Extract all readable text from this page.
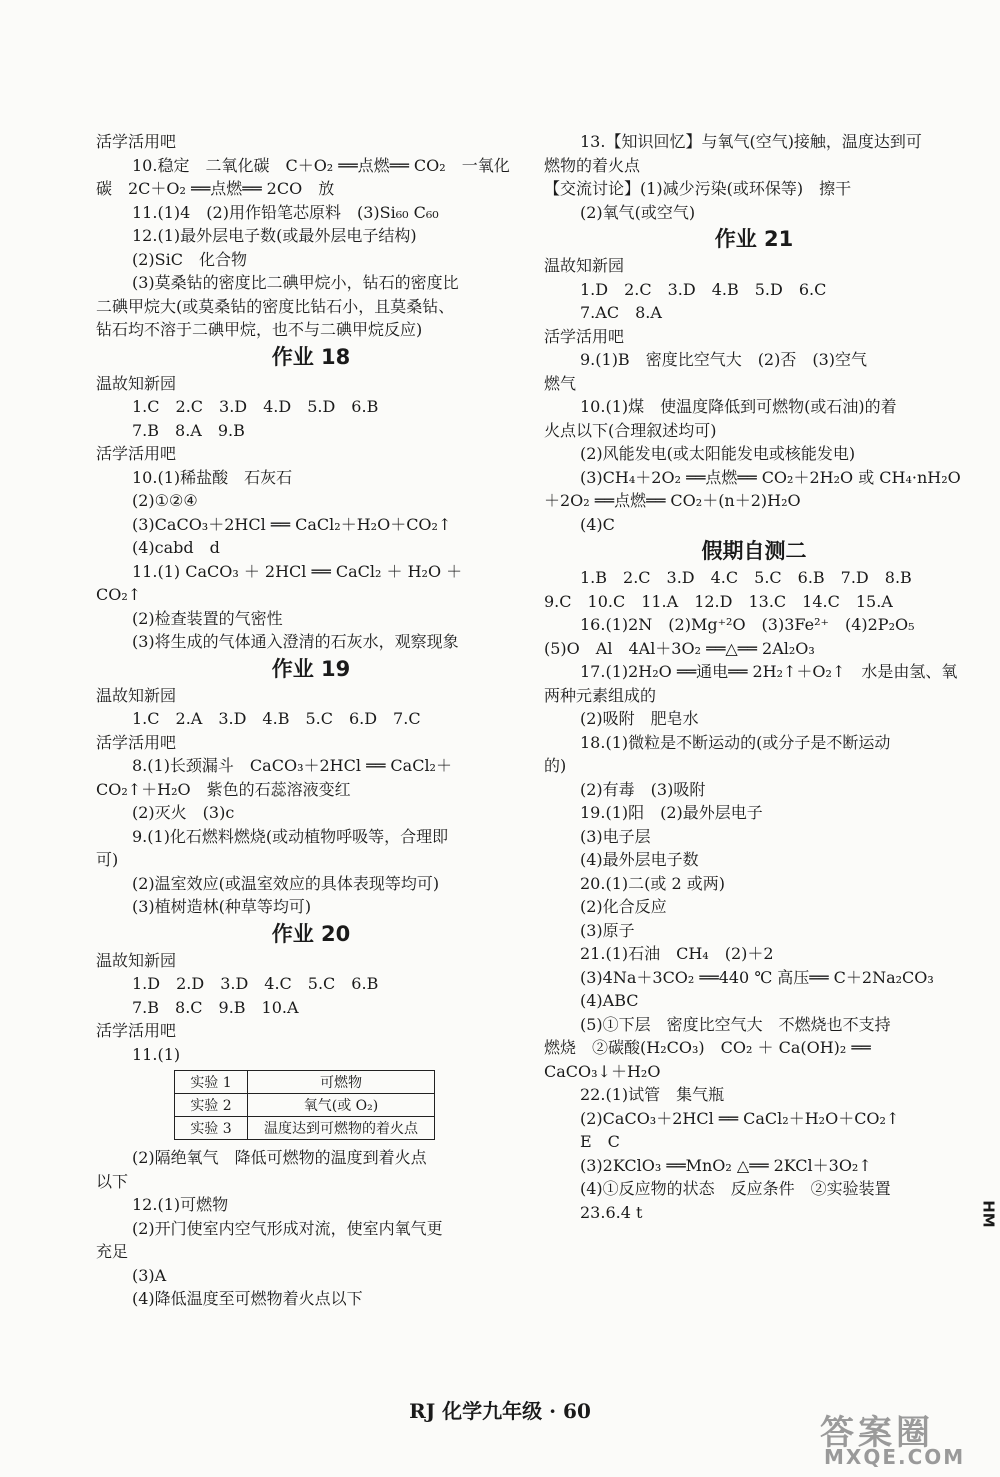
活学活用吧
10.稳定　二氧化碳　C＋O₂ ══点燃══ CO₂　一氧化
碳　2C＋O₂ ══点燃══ 2CO　放
11.(1)4　(2)用作铅笔芯原料　(3)Si₆₀ C₆₀
12.(1)最外层电子数(或最外层电子结构)
(2)SiC　化合物
(3)莫桑钻的密度比二碘甲烷小，钻石的密度比
二碘甲烷大(或莫桑钻的密度比钻石小，且莫桑钻、
钻石均不溶于二碘甲烷，也不与二碘甲烷反应)
作业 18
温故知新园
1.C　2.C　3.D　4.D　5.D　6.B
7.B　8.A　9.B
活学活用吧
10.(1)稀盐酸　石灰石
(2)①②④
(3)CaCO₃＋2HCl ══ CaCl₂＋H₂O＋CO₂↑
(4)cabd　d
11.(1) CaCO₃ ＋ 2HCl ══ CaCl₂ ＋ H₂O ＋
CO₂↑
(2)检查装置的气密性
(3)将生成的气体通入澄清的石灰水，观察现象
作业 19
温故知新园
1.C　2.A　3.D　4.B　5.C　6.D　7.C
活学活用吧
8.(1)长颈漏斗　CaCO₃＋2HCl ══ CaCl₂＋
CO₂↑＋H₂O　紫色的石蕊溶液变红
(2)灭火　(3)c
9.(1)化石燃料燃烧(或动植物呼吸等，合理即
可)
(2)温室效应(或温室效应的具体表现等均可)
(3)植树造林(种草等均可)
作业 20
温故知新园
1.D　2.D　3.D　4.C　5.C　6.B
7.B　8.C　9.B　10.A
活学活用吧
11.(1)
实验 1	可燃物
实验 2	氧气(或 O₂)
实验 3	温度达到可燃物的着火点
(2)隔绝氧气　降低可燃物的温度到着火点
以下
12.(1)可燃物
(2)开门使室内空气形成对流，使室内氧气更
充足
(3)A
(4)降低温度至可燃物着火点以下
13.【知识回忆】与氧气(空气)接触，温度达到可
燃物的着火点
【交流讨论】(1)减少污染(或环保等)　擦干
(2)氧气(或空气)
作业 21
温故知新园
1.D　2.C　3.D　4.B　5.D　6.C
7.AC　8.A
活学活用吧
9.(1)B　密度比空气大　(2)否　(3)空气
燃气
10.(1)煤　使温度降低到可燃物(或石油)的着
火点以下(合理叙述均可)
(2)风能发电(或太阳能发电或核能发电)
(3)CH₄＋2O₂ ══点燃══ CO₂＋2H₂O 或 CH₄·nH₂O
＋2O₂ ══点燃══ CO₂＋(n＋2)H₂O
(4)C
假期自测二
1.B　2.C　3.D　4.C　5.C　6.B　7.D　8.B
9.C　10.C　11.A　12.D　13.C　14.C　15.A
16.(1)2N　(2)Mg⁺²O　(3)3Fe²⁺　(4)2P₂O₅
(5)O　Al　4Al＋3O₂ ══△══ 2Al₂O₃
17.(1)2H₂O ══通电══ 2H₂↑＋O₂↑　水是由氢、氧
两种元素组成的
(2)吸附　肥皂水
18.(1)微粒是不断运动的(或分子是不断运动
的)
(2)有毒　(3)吸附
19.(1)阳　(2)最外层电子
(3)电子层
(4)最外层电子数
20.(1)二(或 2 或两)
(2)化合反应
(3)原子
21.(1)石油　CH₄　(2)＋2
(3)4Na＋3CO₂ ══440 ℃ 高压══ C＋2Na₂CO₃
(4)ABC
(5)①下层　密度比空气大　不燃烧也不支持
燃烧　②碳酸(H₂CO₃)　CO₂ ＋ Ca(OH)₂ ══
CaCO₃↓＋H₂O
22.(1)试管　集气瓶
(2)CaCO₃＋2HCl ══ CaCl₂＋H₂O＋CO₂↑
E　C
(3)2KClO₃ ══MnO₂ △══ 2KCl＋3O₂↑
(4)①反应物的状态　反应条件　②实验装置
23.6.4 t
RJ 化学九年级 · 60
HM
答案圈
MXQE.COM
